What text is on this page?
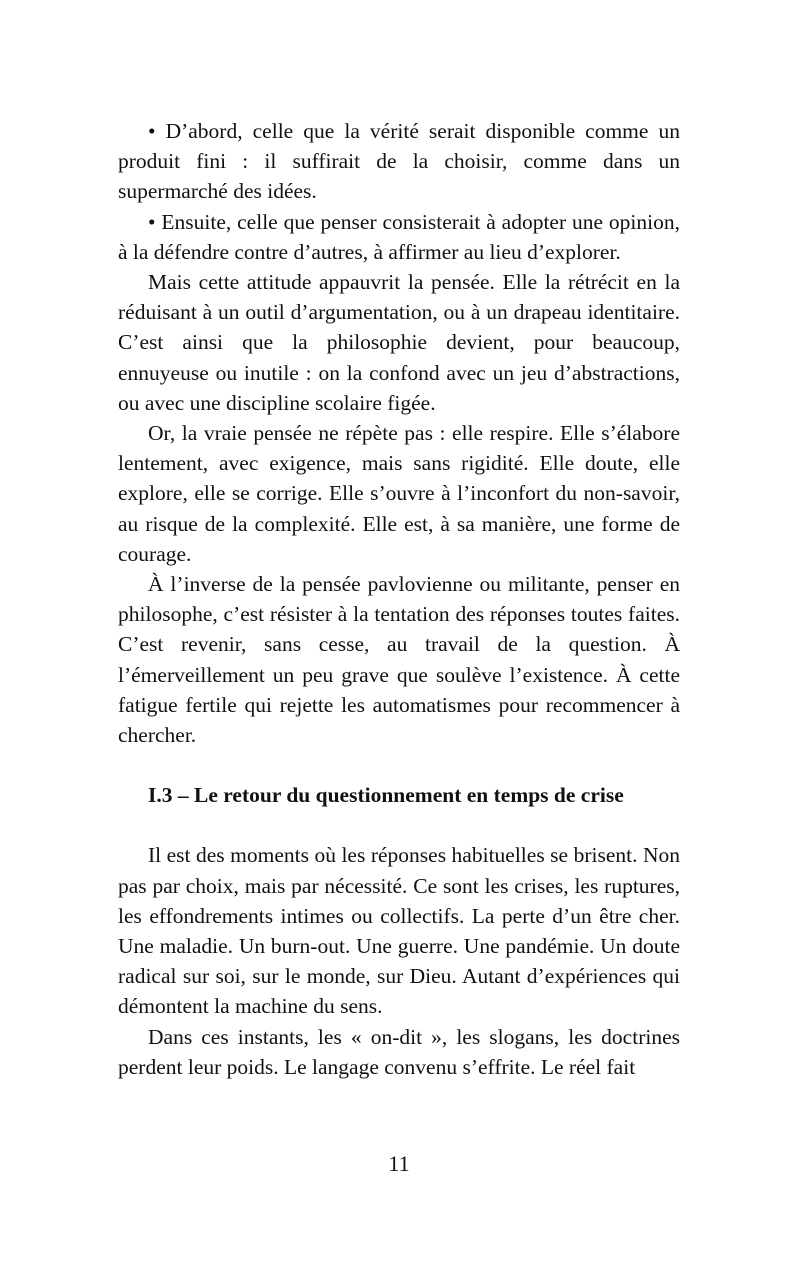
• D’abord, celle que la vérité serait disponible comme un produit fini : il suffirait de la choisir, comme dans un supermarché des idées.

• Ensuite, celle que penser consisterait à adopter une opinion, à la défendre contre d’autres, à affirmer au lieu d’explorer.

Mais cette attitude appauvrit la pensée. Elle la rétrécit en la réduisant à un outil d’argumentation, ou à un drapeau identitaire. C’est ainsi que la philosophie devient, pour beaucoup, ennuyeuse ou inutile : on la confond avec un jeu d’abstractions, ou avec une discipline scolaire figée.

Or, la vraie pensée ne répète pas : elle respire. Elle s’élabore lentement, avec exigence, mais sans rigidité. Elle doute, elle explore, elle se corrige. Elle s’ouvre à l’inconfort du non-savoir, au risque de la complexité. Elle est, à sa manière, une forme de courage.

À l’inverse de la pensée pavlovienne ou militante, penser en philosophe, c’est résister à la tentation des réponses toutes faites. C’est revenir, sans cesse, au travail de la question. À l’émerveillement un peu grave que soulève l’existence. À cette fatigue fertile qui rejette les automatismes pour recommencer à chercher.

I.3 – Le retour du questionnement en temps de crise

Il est des moments où les réponses habituelles se brisent. Non pas par choix, mais par nécessité. Ce sont les crises, les ruptures, les effondrements intimes ou collectifs. La perte d’un être cher. Une maladie. Un burn-out. Une guerre. Une pandémie. Un doute radical sur soi, sur le monde, sur Dieu. Autant d’expériences qui démontent la machine du sens.

Dans ces instants, les « on-dit », les slogans, les doctrines perdent leur poids. Le langage convenu s’effrite. Le réel fait

11
